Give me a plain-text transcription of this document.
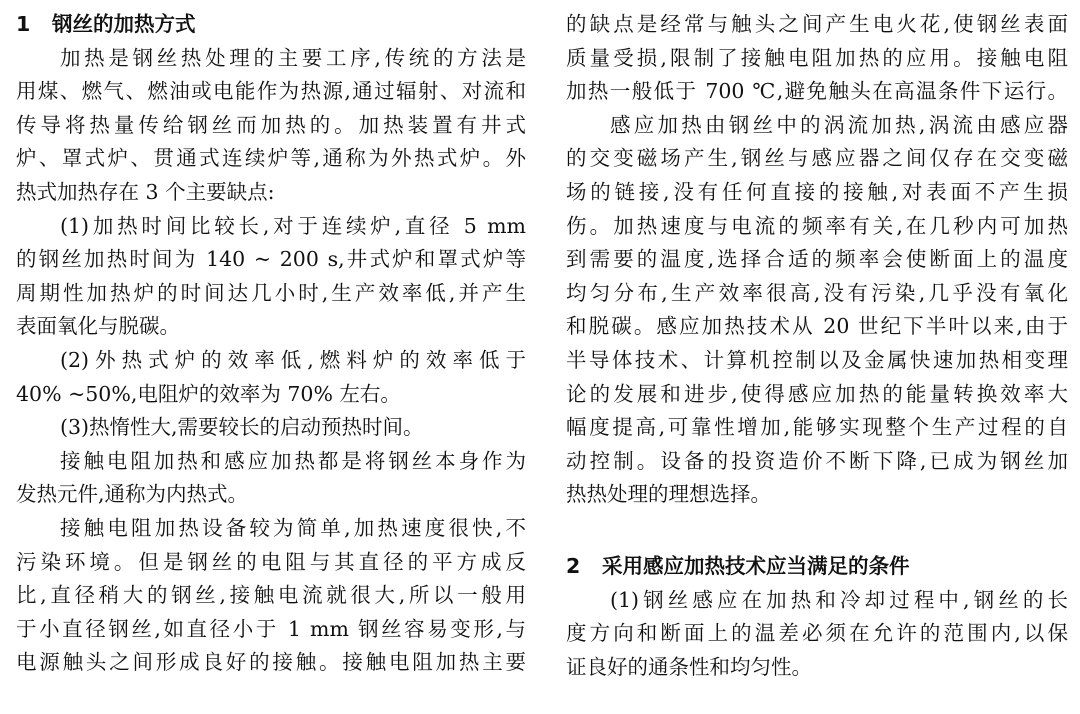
1 钢丝的加热方式
加热是钢丝热处理的主要工序,传统的方法是
用煤、燃气、燃油或电能作为热源,通过辐射、对流和
传导将热量传给钢丝而加热的。加热装置有井式
炉、罩式炉、贯通式连续炉等,通称为外热式炉。外
热式加热存在 3 个主要缺点:
(1)加热时间比较长,对于连续炉,直径 5 mm
的钢丝加热时间为 140 ~ 200 s,井式炉和罩式炉等
周期性加热炉的时间达几小时,生产效率低,并产生
表面氧化与脱碳。
(2)外热式炉的效率低,燃料炉的效率低于
40% ~50%,电阻炉的效率为 70% 左右。
(3)热惰性大,需要较长的启动预热时间。
接触电阻加热和感应加热都是将钢丝本身作为
发热元件,通称为内热式。
接触电阻加热设备较为简单,加热速度很快,不
污染环境。但是钢丝的电阻与其直径的平方成反
比,直径稍大的钢丝,接触电流就很大,所以一般用
于小直径钢丝,如直径小于 1 mm 钢丝容易变形,与
电源触头之间形成良好的接触。接触电阻加热主要
的缺点是经常与触头之间产生电火花,使钢丝表面
质量受损,限制了接触电阻加热的应用。接触电阻
加热一般低于 700 ℃,避免触头在高温条件下运行。
感应加热由钢丝中的涡流加热,涡流由感应器
的交变磁场产生,钢丝与感应器之间仅存在交变磁
场的链接,没有任何直接的接触,对表面不产生损
伤。加热速度与电流的频率有关,在几秒内可加热
到需要的温度,选择合适的频率会使断面上的温度
均匀分布,生产效率很高,没有污染,几乎没有氧化
和脱碳。感应加热技术从 20 世纪下半叶以来,由于
半导体技术、计算机控制以及金属快速加热相变理
论的发展和进步,使得感应加热的能量转换效率大
幅度提高,可靠性增加,能够实现整个生产过程的自
动控制。设备的投资造价不断下降,已成为钢丝加
热热处理的理想选择。
2 采用感应加热技术应当满足的条件
(1)钢丝感应在加热和冷却过程中,钢丝的长
度方向和断面上的温差必须在允许的范围内,以保
证良好的通条性和均匀性。
